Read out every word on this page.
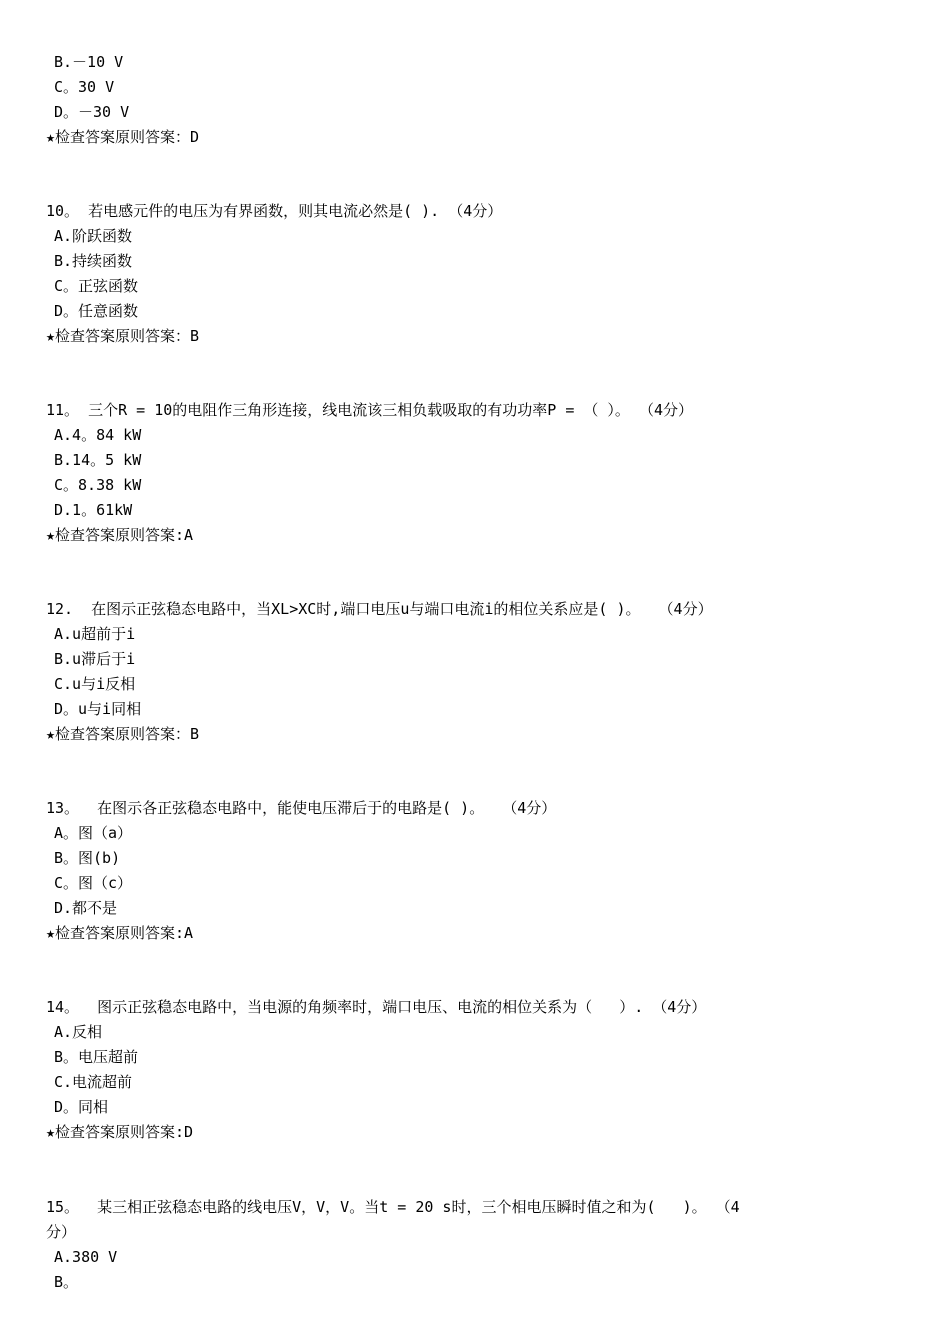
B.－10 V
C。30 V
D。－30 V
★检查答案原则答案：D
10。 若电感元件的电压为有界函数，则其电流必然是( ). （4分）
A.阶跃函数
B.持续函数
C。正弦函数
D。任意函数
★检查答案原则答案：B
11。 三个R = 10的电阻作三角形连接，线电流该三相负载吸取的有功功率P = （ ）。 （4分）
A.4。84 kW
B.14。5 kW
C。8.38 kW
D.1。61kW
★检查答案原则答案:A
12.  在图示正弦稳态电路中，当XL>XC时,端口电压u与端口电流i的相位关系应是( )。  （4分）
A.u超前于i
B.u滞后于i
C.u与i反相
D。u与i同相
★检查答案原则答案：B
13。  在图示各正弦稳态电路中，能使电压滞后于的电路是( )。  （4分）
A。图（a）
B。图(b)
C。图（c）
D.都不是
★检查答案原则答案:A
14。  图示正弦稳态电路中，当电源的角频率时，端口电压、电流的相位关系为（   ）. （4分）
A.反相
B。电压超前
C.电流超前
D。同相
★检查答案原则答案:D
15。  某三相正弦稳态电路的线电压V，V，V。当t = 20 s时，三个相电压瞬时值之和为(   )。 （4
分）
A.380 V
B。
